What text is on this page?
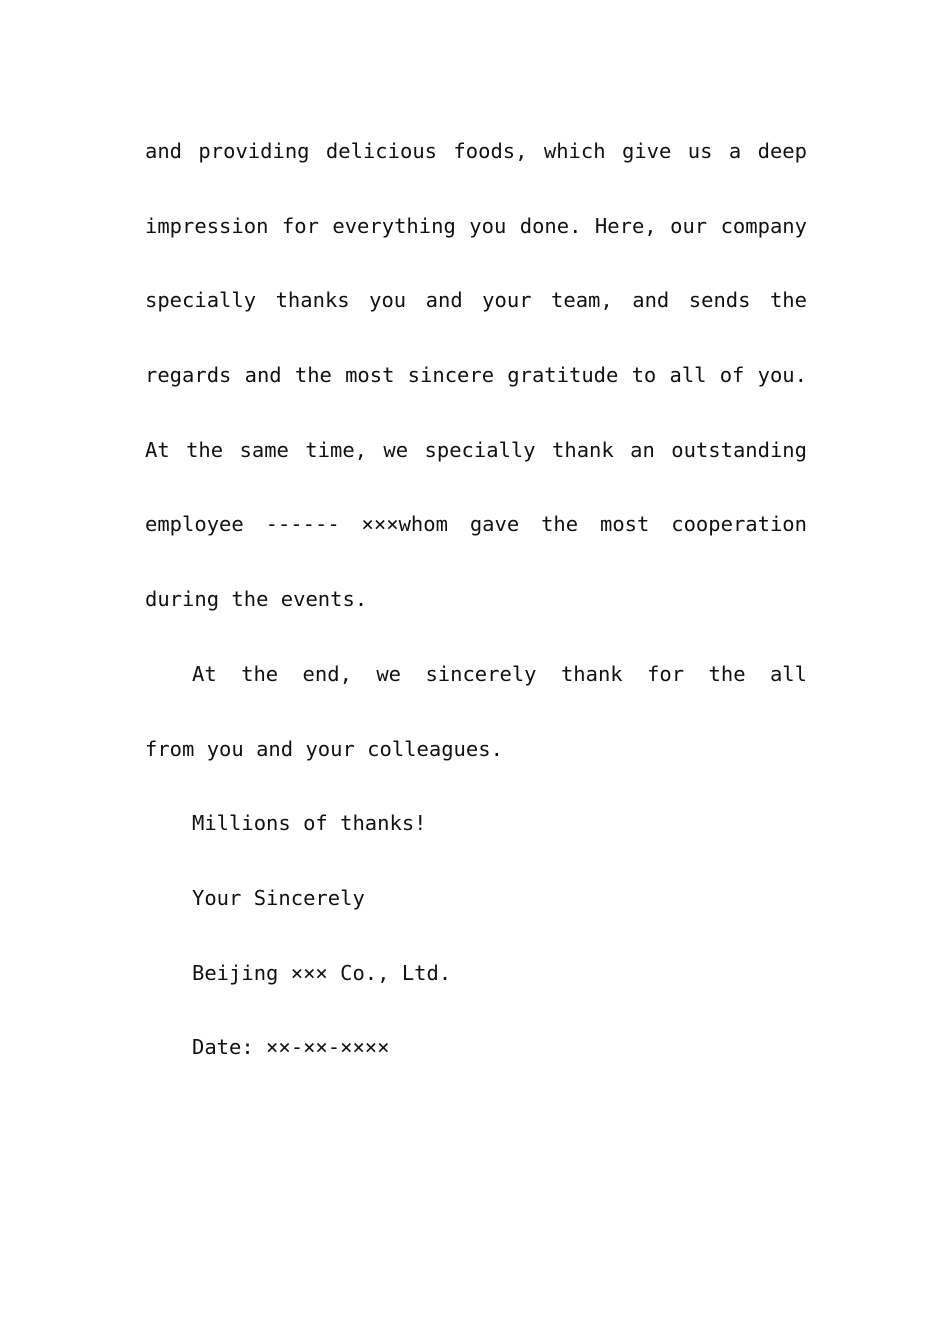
and providing delicious foods, which give us a deep
impression for everything you done. Here, our company
specially thanks you and your team, and sends the
regards and the most sincere gratitude to all of you.
At the same time, we specially thank an outstanding
employee ------ ×××whom gave the most cooperation
during the events.
At the end, we sincerely thank for the all
from you and your colleagues.
Millions of thanks!
Your Sincerely
Beijing ××× Co., Ltd.
Date: ××-××-××××
